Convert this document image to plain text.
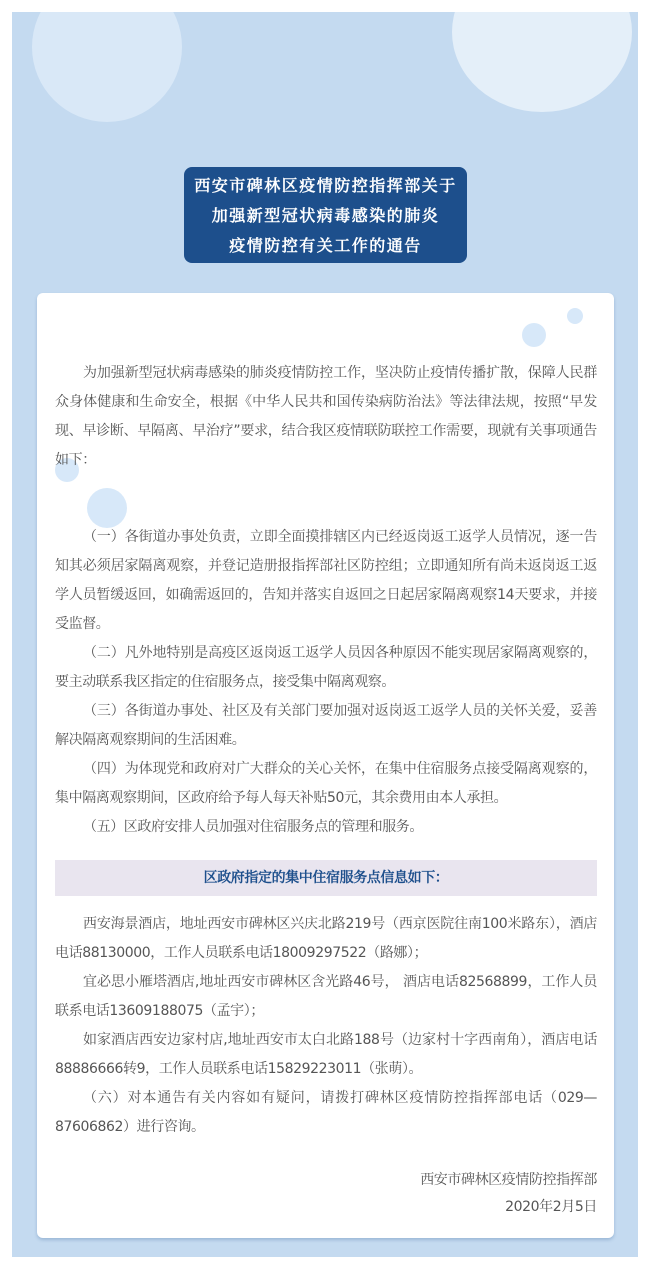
西安市碑林区疫情防控指挥部关于
加强新型冠状病毒感染的肺炎
疫情防控有关工作的通告

为加强新型冠状病毒感染的肺炎疫情防控工作，坚决防止疫情传播扩散，保障人民群众身体健康和生命安全，根据《中华人民共和国传染病防治法》等法律法规，按照“早发现、早诊断、早隔离、早治疗”要求，结合我区疫情联防联控工作需要，现就有关事项通告如下：

（一）各街道办事处负责，立即全面摸排辖区内已经返岗返工返学人员情况，逐一告知其必须居家隔离观察，并登记造册报指挥部社区防控组；立即通知所有尚未返岗返工返学人员暂缓返回，如确需返回的，告知并落实自返回之日起居家隔离观察14天要求，并接受监督。

（二）凡外地特别是高疫区返岗返工返学人员因各种原因不能实现居家隔离观察的，要主动联系我区指定的住宿服务点，接受集中隔离观察。

（三）各街道办事处、社区及有关部门要加强对返岗返工返学人员的关怀关爱，妥善解决隔离观察期间的生活困难。

（四）为体现党和政府对广大群众的关心关怀，在集中住宿服务点接受隔离观察的，集中隔离观察期间，区政府给予每人每天补贴50元，其余费用由本人承担。

（五）区政府安排人员加强对住宿服务点的管理和服务。

区政府指定的集中住宿服务点信息如下：

西安海景酒店，地址西安市碑林区兴庆北路219号（西京医院往南100米路东），酒店电话88130000，工作人员联系电话18009297522（路娜）；

宜必思小雁塔酒店,地址西安市碑林区含光路46号， 酒店电话82568899，工作人员联系电话13609188075（孟宇）；

如家酒店西安边家村店,地址西安市太白北路188号（边家村十字西南角），酒店电话88886666转9，工作人员联系电话15829223011（张萌）。

（六）对本通告有关内容如有疑问，请拨打碑林区疫情防控指挥部电话（029—87606862）进行咨询。

西安市碑林区疫情防控指挥部
2020年2月5日
